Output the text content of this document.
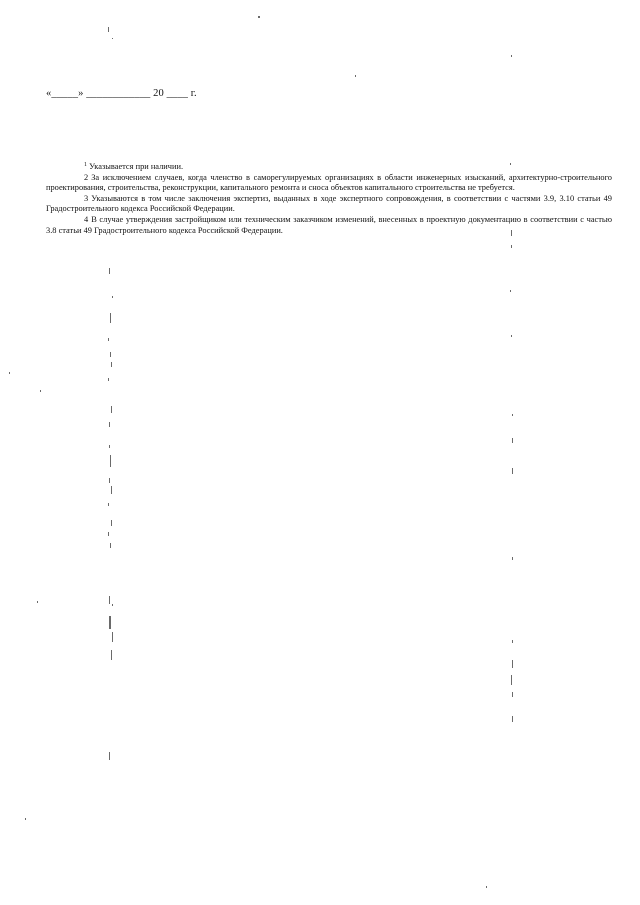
«_____» ____________ 20 ____ г.

$^1$ Указывается при наличии.

2 За исключением случаев, когда членство в саморегулируемых организациях в области инженерных изысканий, архитектурно-строительного проектирования, строительства, реконструкции, капитального ремонта и сноса объектов капитального строительства не требуется.

3 Указываются в том числе заключения экспертиз, выданных в ходе экспертного сопровождения, в соответствии с частями 3.9, 3.10 статьи 49 Градостроительного кодекса Российской Федерации.

4 В случае утверждения застройщиком или техническим заказчиком изменений, внесенных в проектную документацию в соответствии с частью 3.8 статьи 49 Градостроительного кодекса Российской Федерации.
